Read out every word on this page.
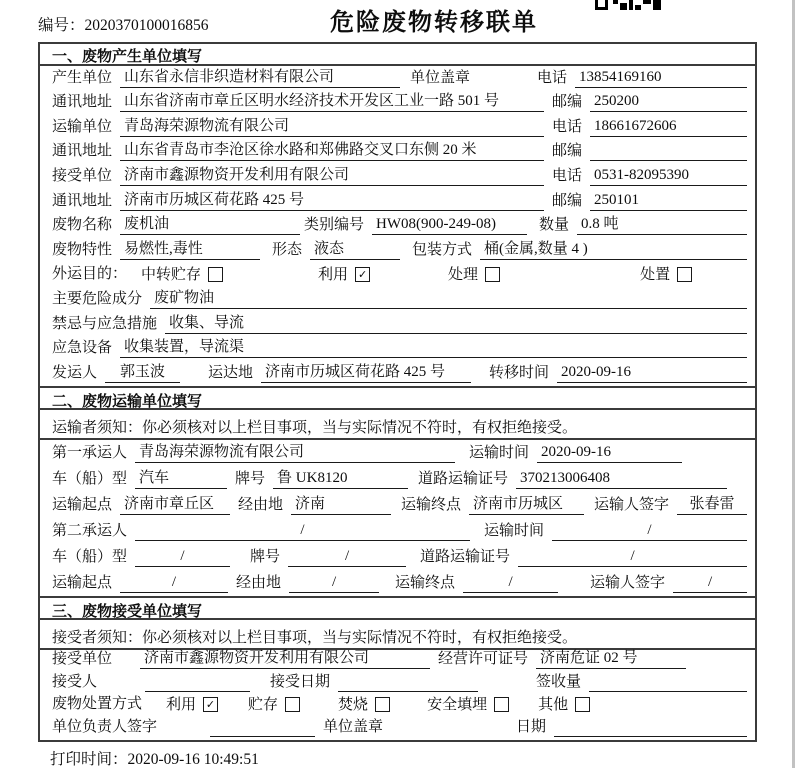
编号：2020370100016856	危险废物转移联单
一、废物产生单位填写
产生单位 山东省永信非织造材料有限公司	单位盖章	电话 13854169160
通讯地址 山东省济南市章丘区明水经济技术开发区工业一路 501 号	邮编 250200
运输单位 青岛海荣源物流有限公司	电话 18661672606
通讯地址 山东省青岛市李沧区徐水路和郑佛路交叉口东侧 20 米	邮编
接受单位 济南市鑫源物资开发利用有限公司	电话 0531-82095390
通讯地址 济南市历城区荷花路 425 号	邮编 250101
废物名称 废机油	类别编号 HW08(900-249-08)	数量 0.8 吨
废物特性 易燃性,毒性	形态 液态	包装方式 桶(金属,数量 4 )
外运目的： 中转贮存	利用 ✓	处理	处置
主要危险成分 废矿物油
禁忌与应急措施 收集、导流
应急设备 收集装置，导流渠
发运人	郭玉波	运达地 济南市历城区荷花路 425 号	转移时间 2020-09-16
二、废物运输单位填写
运输者须知：你必须核对以上栏目事项，当与实际情况不符时，有权拒绝接受。
第一承运人 青岛海荣源物流有限公司	运输时间 2020-09-16
车（船）型 汽车	牌号 鲁 UK8120	道路运输证号 370213006408
运输起点 济南市章丘区	经由地 济南	运输终点 济南市历城区	运输人签字	张春雷
第二承运人	/	运输时间	/
车（船）型	/	牌号	/	道路运输证号	/
运输起点	/	经由地	/	运输终点	/	运输人签字	/
三、废物接受单位填写
接受者须知：你必须核对以上栏目事项，当与实际情况不符时，有权拒绝接受。
接受单位 济南市鑫源物资开发利用有限公司	经营许可证号 济南危证 02 号
接受人	接受日期	签收量
废物处置方式 利用 ✓ 贮存	焚烧	安全填埋	其他
单位负责人签字	单位盖章	日期
打印时间：2020-09-16 10:49:51
